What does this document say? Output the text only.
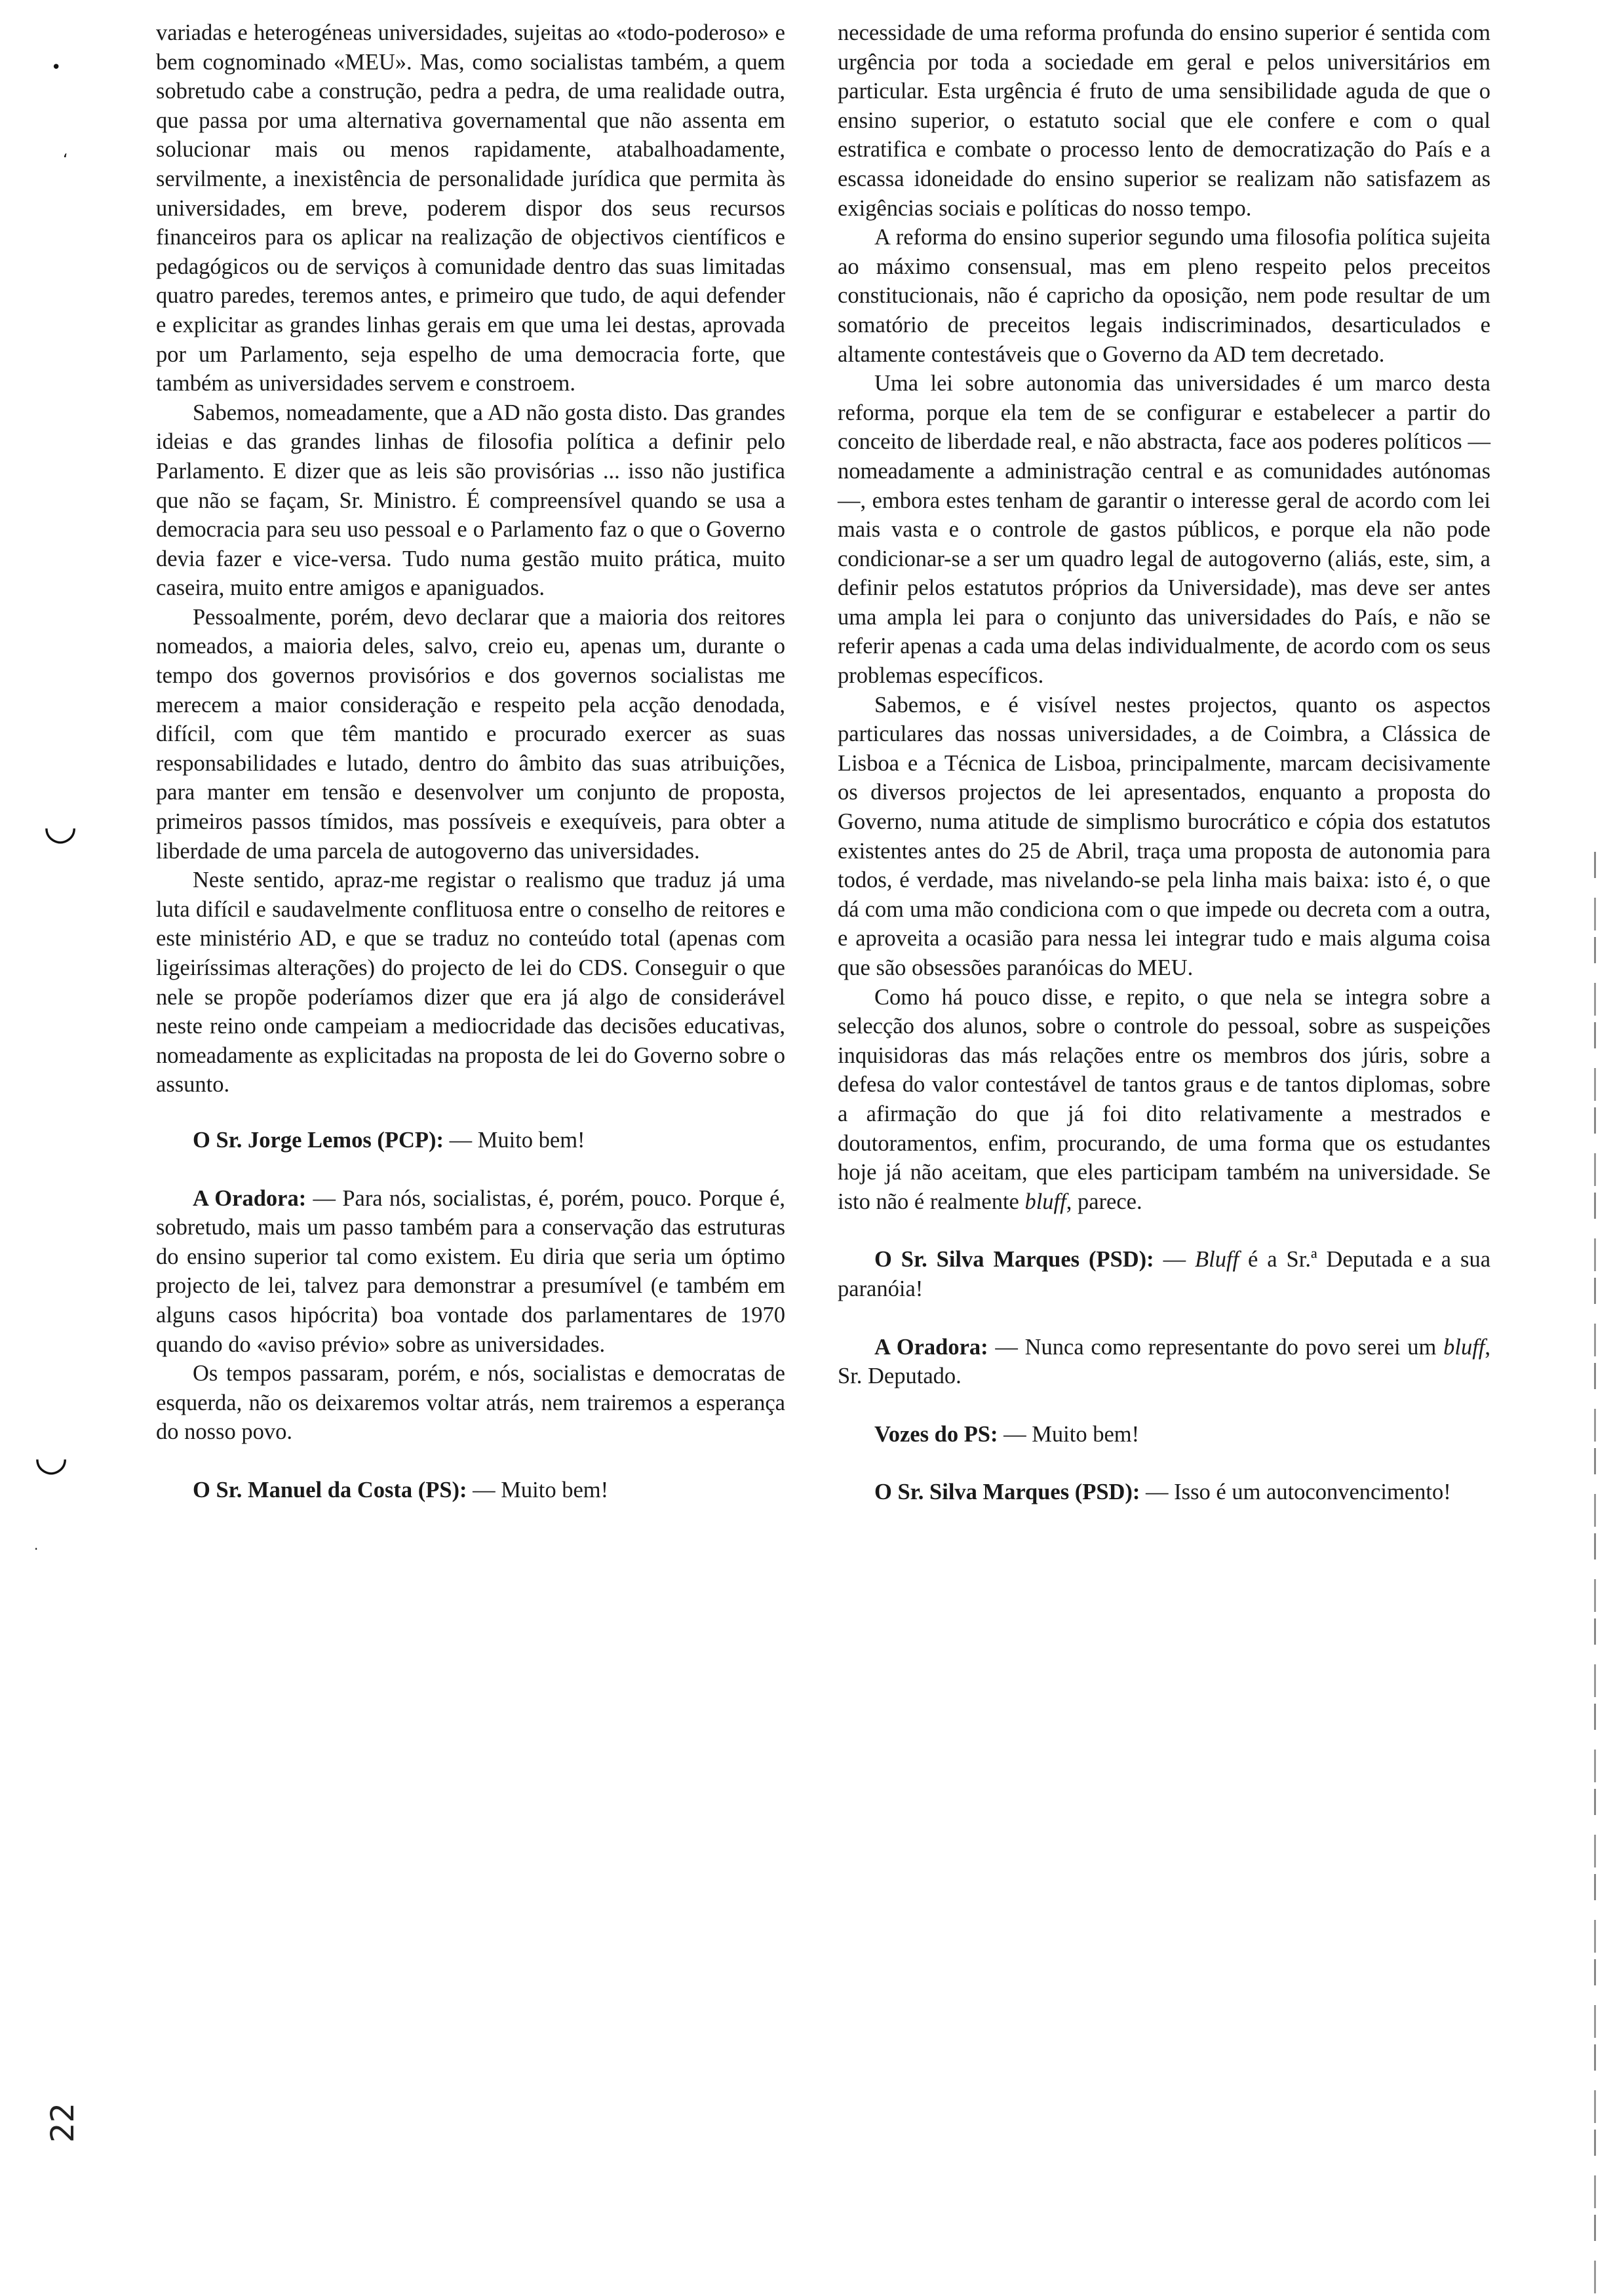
•
ʻ
◡
◡
·
22

variadas e heterogéneas universidades, sujeitas ao «todo-poderoso» e bem cognominado «MEU». Mas, como socialistas também, a quem sobretudo cabe a construção, pedra a pedra, de uma realidade outra, que passa por uma alternativa governamental que não assenta em solucionar mais ou menos rapidamente, atabalhoadamente, servilmente, a inexistência de personalidade jurídica que permita às universidades, em breve, poderem dispor dos seus recursos financeiros para os aplicar na realização de objectivos científicos e pedagógicos ou de serviços à comunidade dentro das suas limitadas quatro paredes, teremos antes, e primeiro que tudo, de aqui defender e explicitar as grandes linhas gerais em que uma lei destas, aprovada por um Parlamento, seja espelho de uma democracia forte, que também as universidades servem e constroem.

Sabemos, nomeadamente, que a AD não gosta disto. Das grandes ideias e das grandes linhas de filosofia política a definir pelo Parlamento. E dizer que as leis são provisórias ... isso não justifica que não se façam, Sr. Ministro. É compreensível quando se usa a democracia para seu uso pessoal e o Parlamento faz o que o Governo devia fazer e vice-versa. Tudo numa gestão muito prática, muito caseira, muito entre amigos e apaniguados.

Pessoalmente, porém, devo declarar que a maioria dos reitores nomeados, a maioria deles, salvo, creio eu, apenas um, durante o tempo dos governos provisórios e dos governos socialistas me merecem a maior consideração e respeito pela acção denodada, difícil, com que têm mantido e procurado exercer as suas responsabilidades e lutado, dentro do âmbito das suas atribuições, para manter em tensão e desenvolver um conjunto de proposta, primeiros passos tímidos, mas possíveis e exequíveis, para obter a liberdade de uma parcela de autogoverno das universidades.

Neste sentido, apraz-me registar o realismo que traduz já uma luta difícil e saudavelmente conflituosa entre o conselho de reitores e este ministério AD, e que se traduz no conteúdo total (apenas com ligeiríssimas alterações) do projecto de lei do CDS. Conseguir o que nele se propõe poderíamos dizer que era já algo de considerável neste reino onde campeiam a mediocridade das decisões educativas, nomeadamente as explicitadas na proposta de lei do Governo sobre o assunto.

O Sr. Jorge Lemos (PCP): — Muito bem!

A Oradora: — Para nós, socialistas, é, porém, pouco. Porque é, sobretudo, mais um passo também para a conservação das estruturas do ensino superior tal como existem. Eu diria que seria um óptimo projecto de lei, talvez para demonstrar a presumível (e também em alguns casos hipócrita) boa vontade dos parlamentares de 1970 quando do «aviso prévio» sobre as universidades.

Os tempos passaram, porém, e nós, socialistas e democratas de esquerda, não os deixaremos voltar atrás, nem trairemos a esperança do nosso povo.

O Sr. Manuel da Costa (PS): — Muito bem!

necessidade de uma reforma profunda do ensino superior é sentida com urgência por toda a sociedade em geral e pelos universitários em particular. Esta urgência é fruto de uma sensibilidade aguda de que o ensino superior, o estatuto social que ele confere e com o qual estratifica e combate o processo lento de democratização do País e a escassa idoneidade do ensino superior se realizam não satisfazem as exigências sociais e políticas do nosso tempo.

A reforma do ensino superior segundo uma filosofia política sujeita ao máximo consensual, mas em pleno respeito pelos preceitos constitucionais, não é capricho da oposição, nem pode resultar de um somatório de preceitos legais indiscriminados, desarticulados e altamente contestáveis que o Governo da AD tem decretado.

Uma lei sobre autonomia das universidades é um marco desta reforma, porque ela tem de se configurar e estabelecer a partir do conceito de liberdade real, e não abstracta, face aos poderes políticos — nomeadamente a administração central e as comunidades autónomas —, embora estes tenham de garantir o interesse geral de acordo com lei mais vasta e o controle de gastos públicos, e porque ela não pode condicionar-se a ser um quadro legal de autogoverno (aliás, este, sim, a definir pelos estatutos próprios da Universidade), mas deve ser antes uma ampla lei para o conjunto das universidades do País, e não se referir apenas a cada uma delas individualmente, de acordo com os seus problemas específicos.

Sabemos, e é visível nestes projectos, quanto os aspectos particulares das nossas universidades, a de Coimbra, a Clássica de Lisboa e a Técnica de Lisboa, principalmente, marcam decisivamente os diversos projectos de lei apresentados, enquanto a proposta do Governo, numa atitude de simplismo burocrático e cópia dos estatutos existentes antes do 25 de Abril, traça uma proposta de autonomia para todos, é verdade, mas nivelando-se pela linha mais baixa: isto é, o que dá com uma mão condiciona com o que impede ou decreta com a outra, e aproveita a ocasião para nessa lei integrar tudo e mais alguma coisa que são obsessões paranóicas do MEU.

Como há pouco disse, e repito, o que nela se integra sobre a selecção dos alunos, sobre o controle do pessoal, sobre as suspeições inquisidoras das más relações entre os membros dos júris, sobre a defesa do valor contestável de tantos graus e de tantos diplomas, sobre a afirmação do que já foi dito relativamente a mestrados e doutoramentos, enfim, procurando, de uma forma que os estudantes hoje já não aceitam, que eles participam também na universidade. Se isto não é realmente bluff, parece.

O Sr. Silva Marques (PSD): — Bluff é a Sr.ª Deputada e a sua paranóia!

A Oradora: — Nunca como representante do povo serei um bluff, Sr. Deputado.

Vozes do PS: — Muito bem!

O Sr. Silva Marques (PSD): — Isso é um autoconvencimento!
